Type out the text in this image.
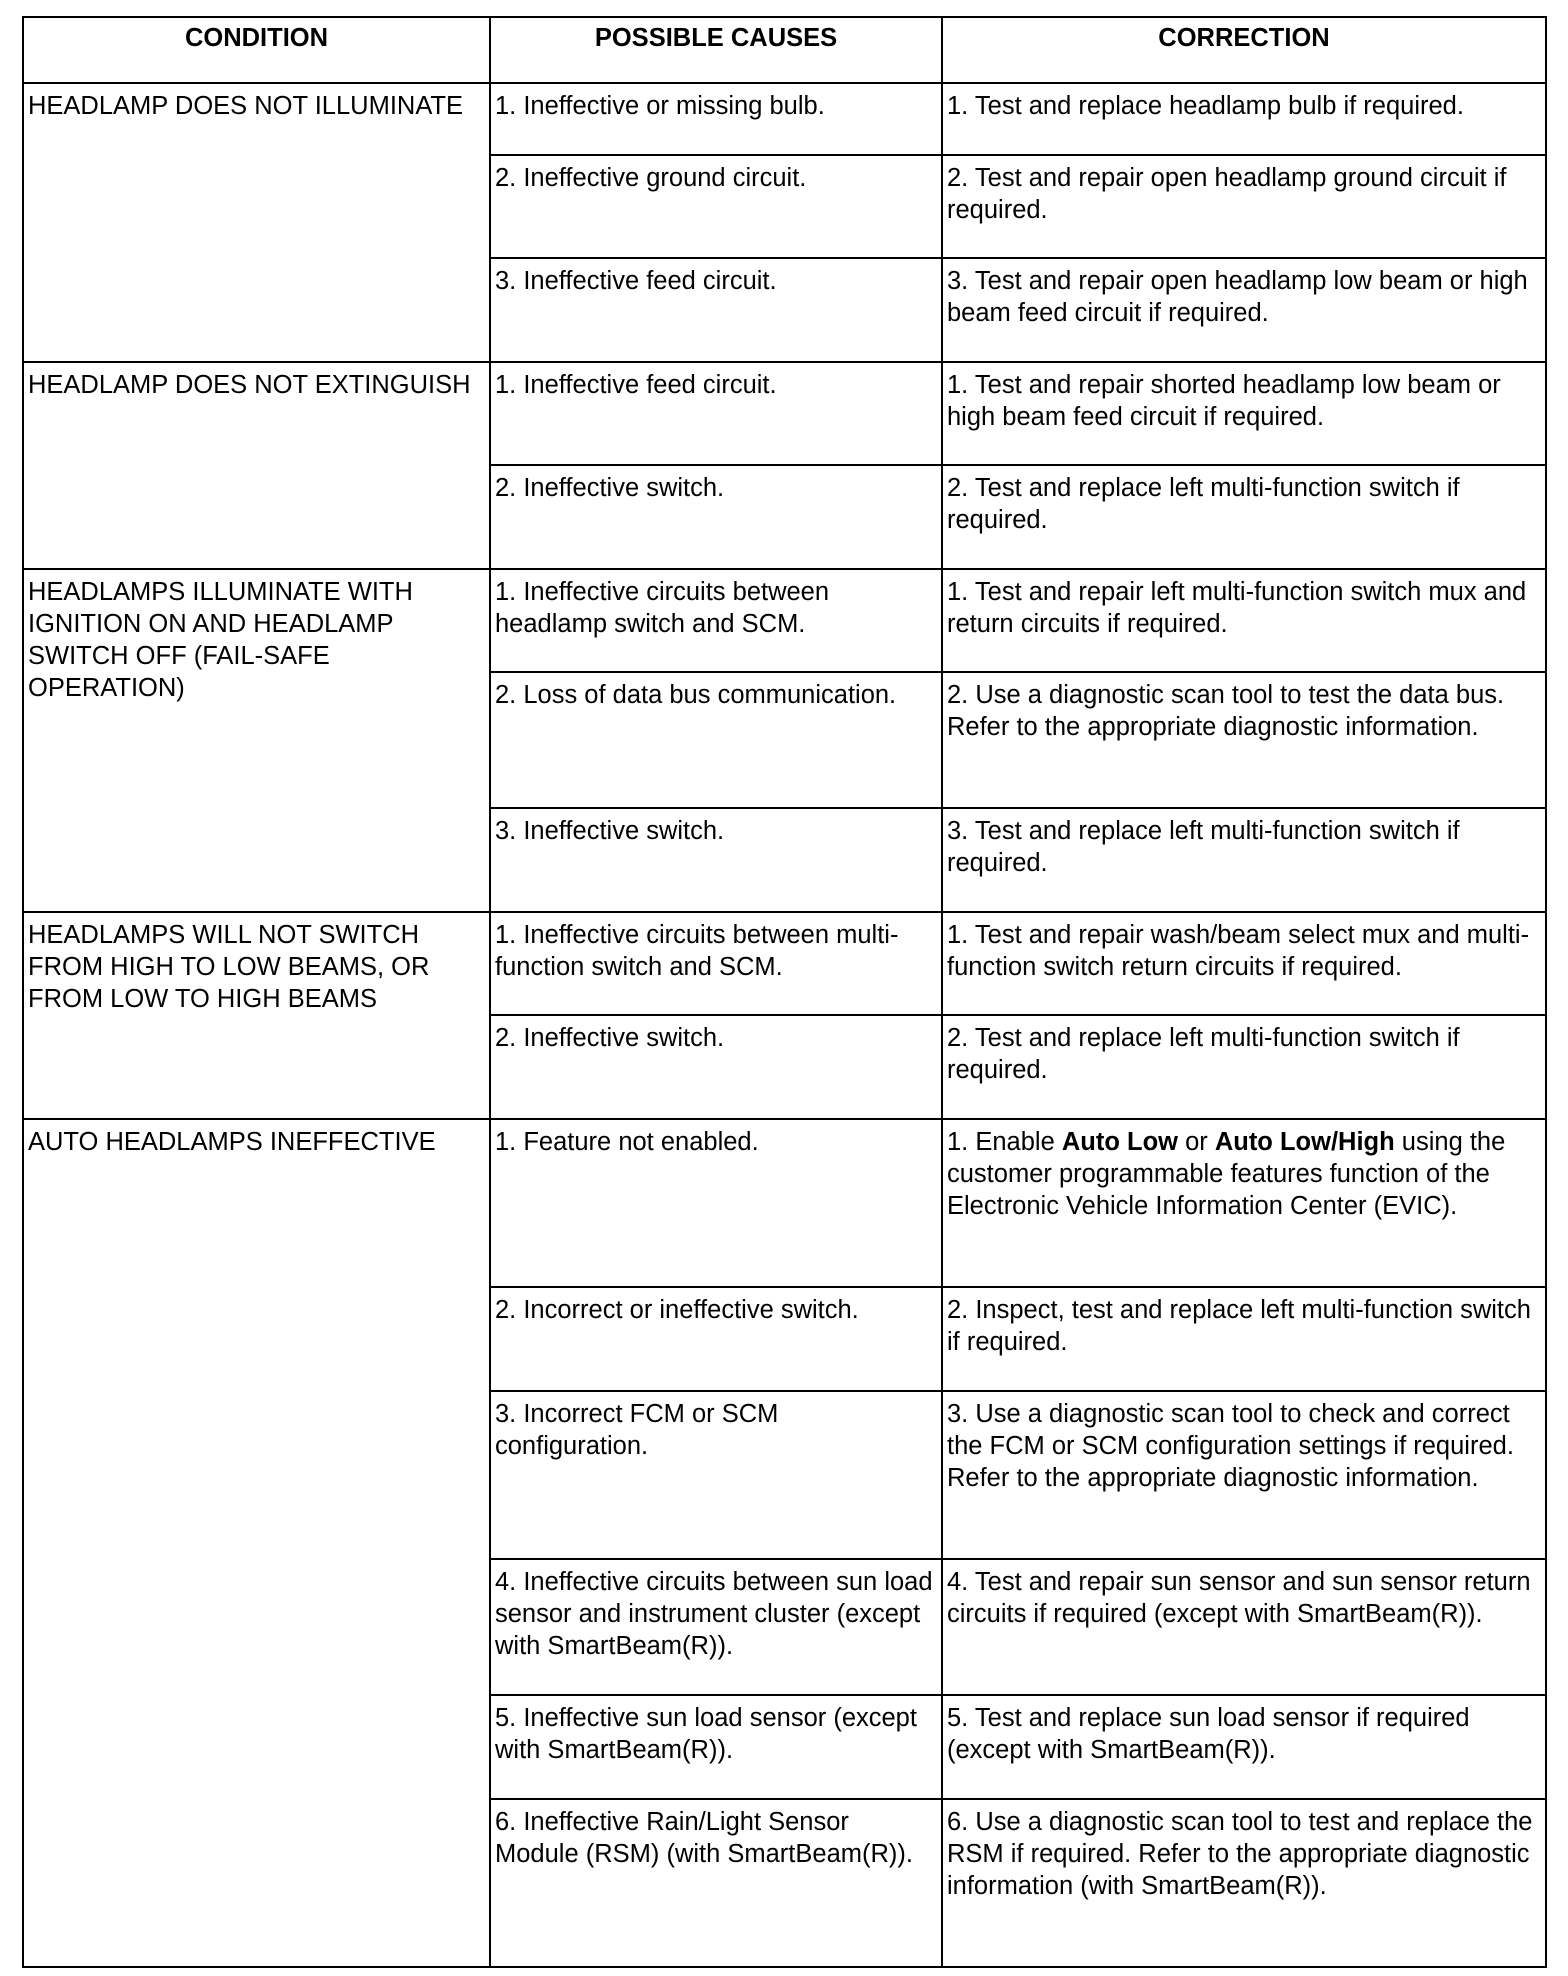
CONDITION	POSSIBLE CAUSES	CORRECTION
HEADLAMP DOES NOT ILLUMINATE	1. Ineffective or missing bulb.	1. Test and replace headlamp bulb if required.
	2. Ineffective ground circuit.	2. Test and repair open headlamp ground circuit if required.
	3. Ineffective feed circuit.	3. Test and repair open headlamp low beam or high beam feed circuit if required.
HEADLAMP DOES NOT EXTINGUISH	1. Ineffective feed circuit.	1. Test and repair shorted headlamp low beam or high beam feed circuit if required.
	2. Ineffective switch.	2. Test and replace left multi-function switch if required.
HEADLAMPS ILLUMINATE WITH IGNITION ON AND HEADLAMP SWITCH OFF (FAIL-SAFE OPERATION)	1. Ineffective circuits between headlamp switch and SCM.	1. Test and repair left multi-function switch mux and return circuits if required.
	2. Loss of data bus communication.	2. Use a diagnostic scan tool to test the data bus. Refer to the appropriate diagnostic information.
	3. Ineffective switch.	3. Test and replace left multi-function switch if required.
HEADLAMPS WILL NOT SWITCH FROM HIGH TO LOW BEAMS, OR FROM LOW TO HIGH BEAMS	1. Ineffective circuits between multi-function switch and SCM.	1. Test and repair wash/beam select mux and multi-function switch return circuits if required.
	2. Ineffective switch.	2. Test and replace left multi-function switch if required.
AUTO HEADLAMPS INEFFECTIVE	1. Feature not enabled.	1. Enable Auto Low or Auto Low/High using the customer programmable features function of the Electronic Vehicle Information Center (EVIC).
	2. Incorrect or ineffective switch.	2. Inspect, test and replace left multi-function switch if required.
	3. Incorrect FCM or SCM configuration.	3. Use a diagnostic scan tool to check and correct the FCM or SCM configuration settings if required. Refer to the appropriate diagnostic information.
	4. Ineffective circuits between sun load sensor and instrument cluster (except with SmartBeam(R)).	4. Test and repair sun sensor and sun sensor return circuits if required (except with SmartBeam(R)).
	5. Ineffective sun load sensor (except with SmartBeam(R)).	5. Test and replace sun load sensor if required (except with SmartBeam(R)).
	6. Ineffective Rain/Light Sensor Module (RSM) (with SmartBeam(R)).	6. Use a diagnostic scan tool to test and replace the RSM if required. Refer to the appropriate diagnostic information (with SmartBeam(R)).
